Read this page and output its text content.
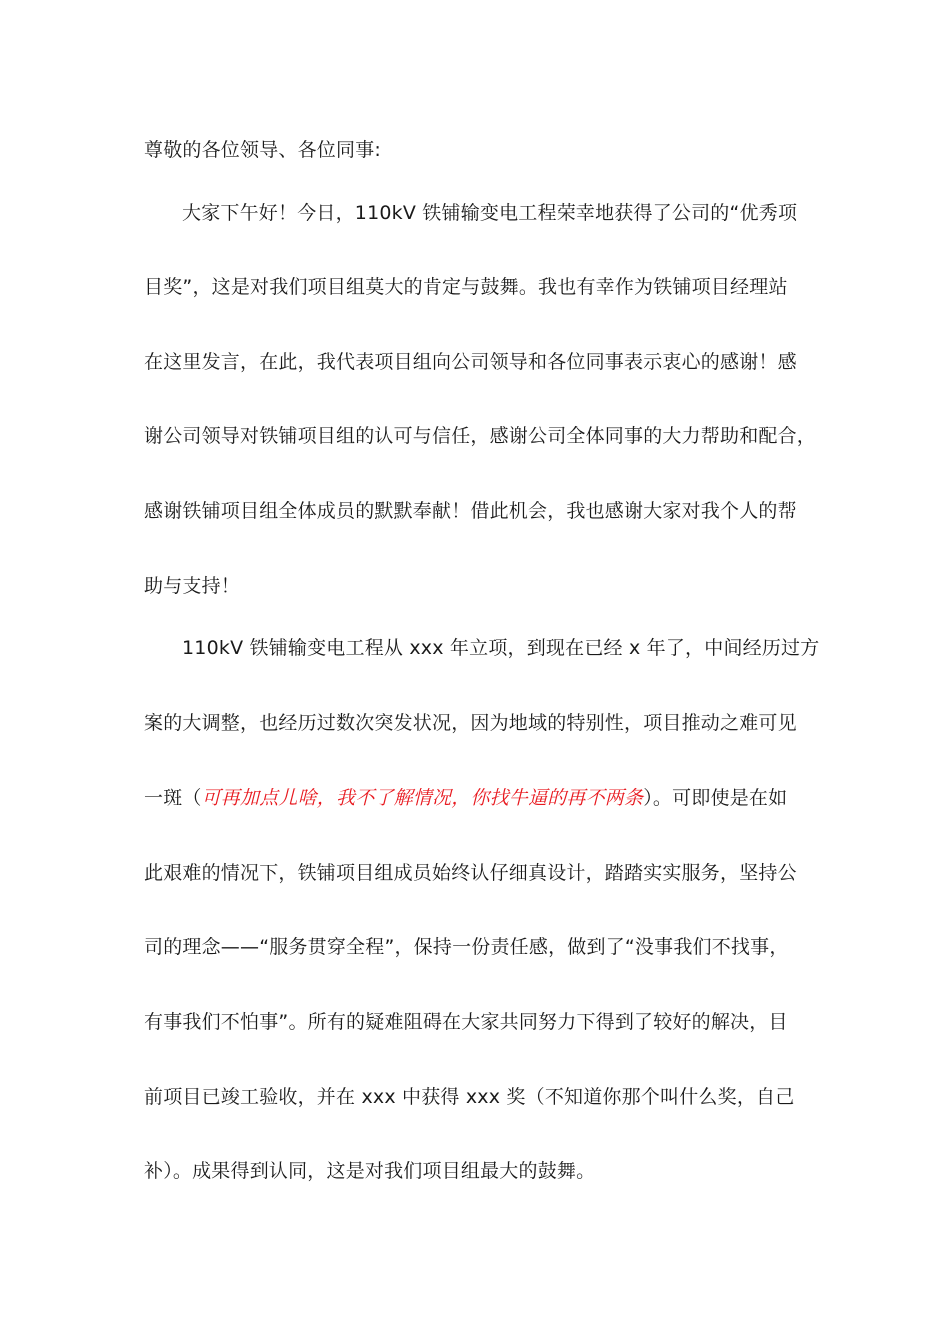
尊敬的各位领导、各位同事:
大家下午好！今日，110kV 铁铺输变电工程荣幸地获得了公司的“优秀项
目奖”，这是对我们项目组莫大的肯定与鼓舞。我也有幸作为铁铺项目经理站
在这里发言，在此，我代表项目组向公司领导和各位同事表示衷心的感谢！感
谢公司领导对铁铺项目组的认可与信任，感谢公司全体同事的大力帮助和配合，
感谢铁铺项目组全体成员的默默奉献！借此机会，我也感谢大家对我个人的帮
助与支持！
110kV 铁铺输变电工程从 xxx 年立项，到现在已经 x 年了，中间经历过方
案的大调整，也经历过数次突发状况，因为地域的特别性，项目推动之难可见
一斑（可再加点儿啥，我不了解情况，你找牛逼的再不两条）。可即使是在如
此艰难的情况下，铁铺项目组成员始终认仔细真设计，踏踏实实服务，坚持公
司的理念——“服务贯穿全程”，保持一份责任感，做到了“没事我们不找事，
有事我们不怕事”。所有的疑难阻碍在大家共同努力下得到了较好的解决，目
前项目已竣工验收，并在 xxx 中获得 xxx 奖（不知道你那个叫什么奖，自己
补）。成果得到认同，这是对我们项目组最大的鼓舞。
